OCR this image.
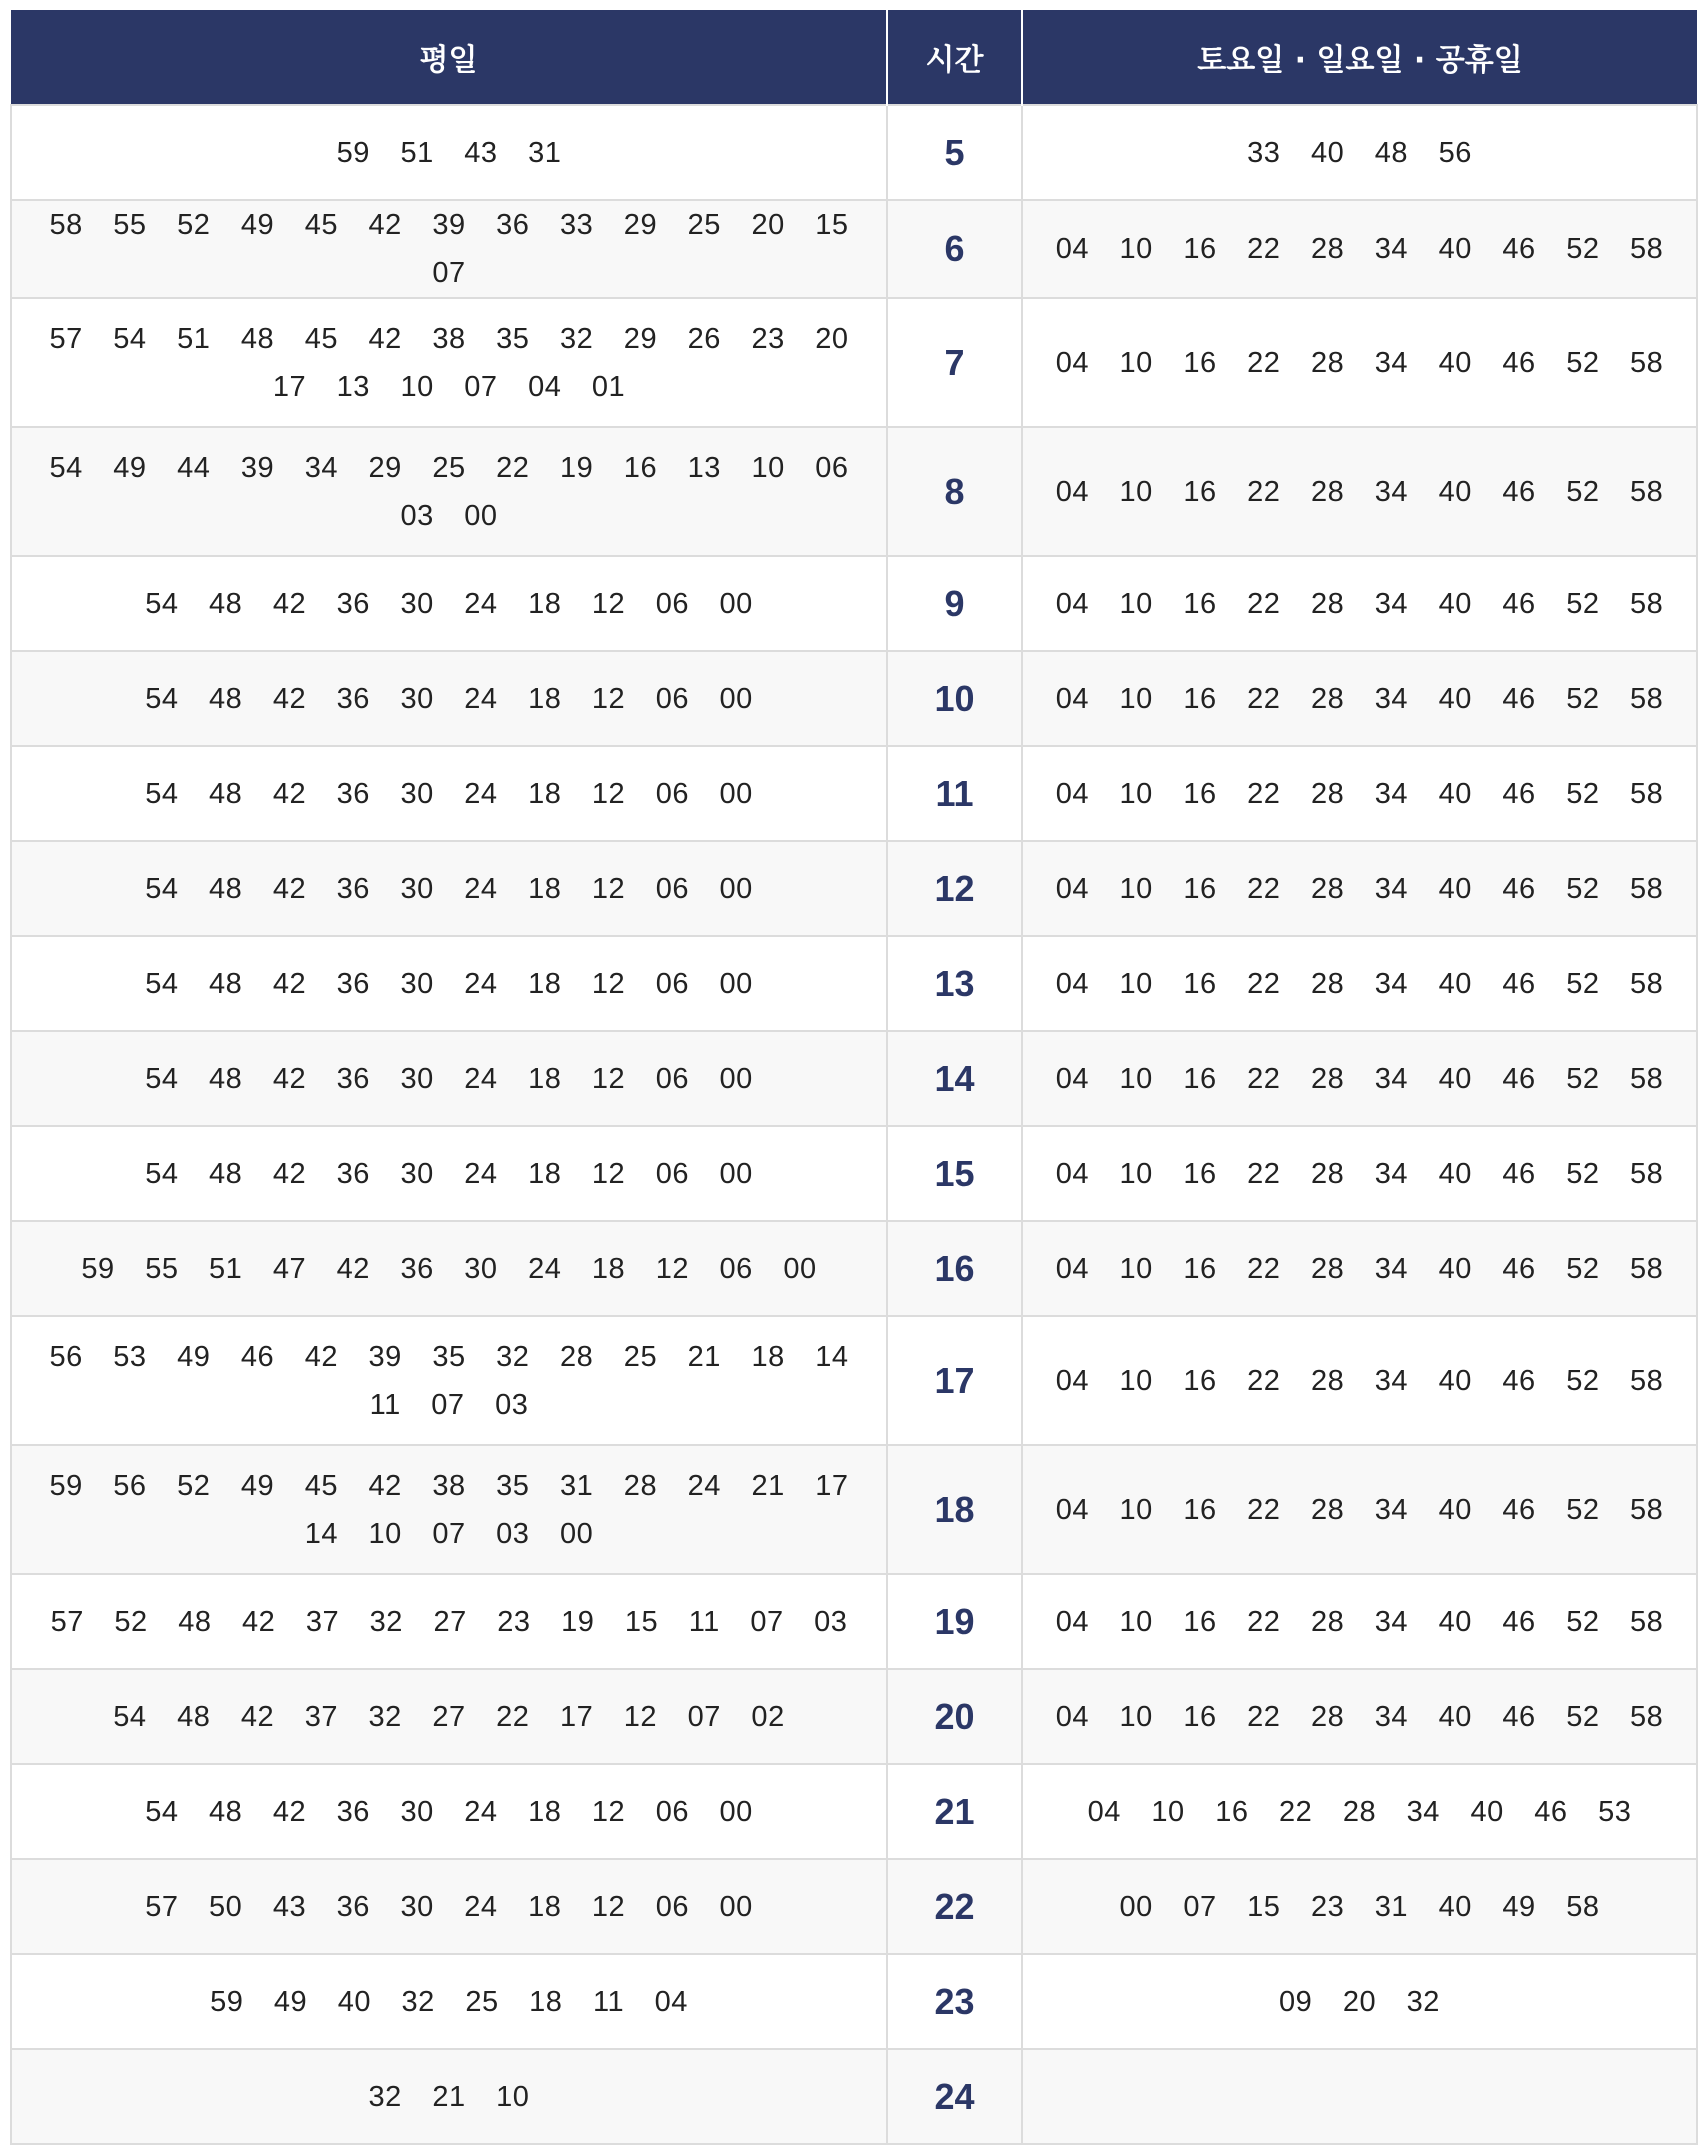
평일	시간	토요일 · 일요일 · 공휴일
59 51 43 31	5	33 40 48 56
58 55 52 49 45 42 39 36 33 29 25 20 15 07	6	04 10 16 22 28 34 40 46 52 58
57 54 51 48 45 42 38 35 32 29 26 23 20 17 13 10 07 04 01	7	04 10 16 22 28 34 40 46 52 58
54 49 44 39 34 29 25 22 19 16 13 10 06 03 00	8	04 10 16 22 28 34 40 46 52 58
54 48 42 36 30 24 18 12 06 00	9	04 10 16 22 28 34 40 46 52 58
54 48 42 36 30 24 18 12 06 00	10	04 10 16 22 28 34 40 46 52 58
54 48 42 36 30 24 18 12 06 00	11	04 10 16 22 28 34 40 46 52 58
54 48 42 36 30 24 18 12 06 00	12	04 10 16 22 28 34 40 46 52 58
54 48 42 36 30 24 18 12 06 00	13	04 10 16 22 28 34 40 46 52 58
54 48 42 36 30 24 18 12 06 00	14	04 10 16 22 28 34 40 46 52 58
54 48 42 36 30 24 18 12 06 00	15	04 10 16 22 28 34 40 46 52 58
59 55 51 47 42 36 30 24 18 12 06 00	16	04 10 16 22 28 34 40 46 52 58
56 53 49 46 42 39 35 32 28 25 21 18 14 11 07 03	17	04 10 16 22 28 34 40 46 52 58
59 56 52 49 45 42 38 35 31 28 24 21 17 14 10 07 03 00	18	04 10 16 22 28 34 40 46 52 58
57 52 48 42 37 32 27 23 19 15 11 07 03	19	04 10 16 22 28 34 40 46 52 58
54 48 42 37 32 27 22 17 12 07 02	20	04 10 16 22 28 34 40 46 52 58
54 48 42 36 30 24 18 12 06 00	21	04 10 16 22 28 34 40 46 53
57 50 43 36 30 24 18 12 06 00	22	00 07 15 23 31 40 49 58
59 49 40 32 25 18 11 04	23	09 20 32
32 21 10	24	
